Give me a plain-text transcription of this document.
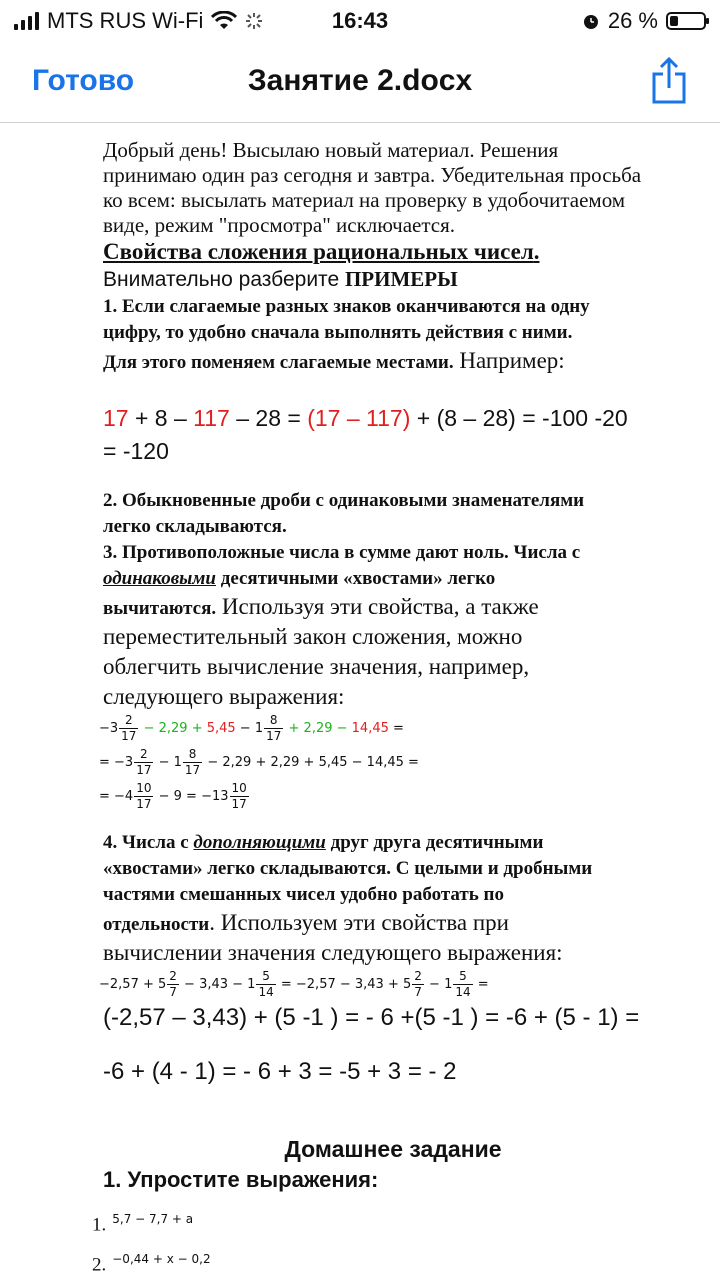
MTS RUS Wi-Fi	16:43	26 %
Готово	Занятие 2.docx

Добрый день! Высылаю новый материал. Решения

принимаю один раз сегодня и завтра. Убедительная просьба

ко всем: высылать материал на проверку в удобочитаемом

виде, режим "просмотра" исключается.

Свойства сложения рациональных чисел.

Внимательно разберите ПРИМЕРЫ

1. Если слагаемые разных знаков оканчиваются на одну

цифру, то удобно сначала выполнять действия с ними.

Для этого поменяем слагаемые местами. Например:

17 + 8 – 117 – 28 = (17 – 117) + (8 – 28) = -100 -20
= -120

2. Обыкновенные дроби с одинаковыми знаменателями

легко складываются.

3. Противоположные числа в сумме дают ноль. Числа с

одинаковыми десятичными «хвостами» легко

вычитаются. Используя эти свойства, а также

переместительный закон сложения, можно

облегчить вычисление значения, например,

следующего выражения:

$-3 \frac{2}{17} - 2,29 + 5,45 - 1 \frac{8}{17} + 2,29 - 14,45$ =
= $-3 \frac{2}{17} - 1 \frac{8}{17} - 2,29 + 2,29 + 5,45 - 14,45$ =
= $-4 \frac{10}{17} - 9 = -13 \frac{10}{17}$

4. Числа с дополняющими друг друга десятичными

«хвостами» легко складываются. С целыми и дробными

частями смешанных чисел удобно работать по

отдельности. Используем эти свойства при

вычислении значения следующего выражения:

$-2,57 + 5 \frac{2}{7} - 3,43 - 1 \frac{5}{14} = -2,57 - 3,43 + 5 \frac{2}{7} - 1 \frac{5}{14}$ =

(-2,57 – 3,43) + (5 -1 ) = - 6 +(5 -1 ) = -6 + (5 - 1) =

-6 + (4 - 1) = - 6 + 3 = -5 + 3 = - 2

Домашнее задание

1. Упростите выражения:

1. $^{5,7 - 7,7 + a}$
2. $^{-0,44 + x - 0,2}$
